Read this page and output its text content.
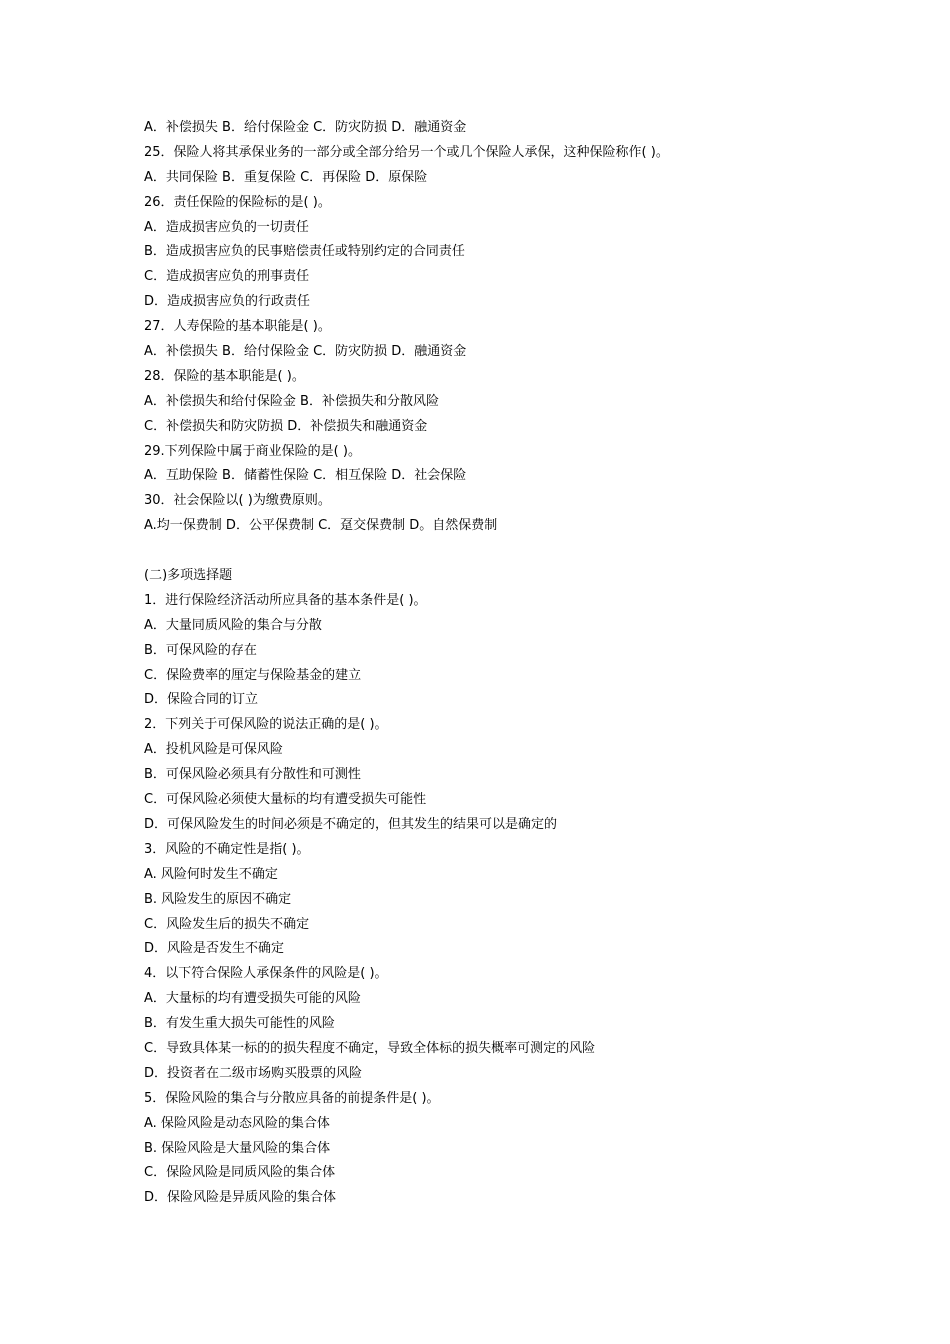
A．补偿损失 B．给付保险金 C．防灾防损 D．融通资金
25．保险人将其承保业务的一部分或全部分给另一个或几个保险人承保，这种保险称作( )。
A．共同保险 B．重复保险 C．再保险 D．原保险
26．责任保险的保险标的是( )。
A．造成损害应负的一切责任
B．造成损害应负的民事赔偿责任或特别约定的合同责任
C．造成损害应负的刑事责任
D．造成损害应负的行政责任
27．人寿保险的基本职能是( )。
A．补偿损失 B．给付保险金 C．防灾防损 D．融通资金
28．保险的基本职能是( )。
A．补偿损失和给付保险金 B．补偿损失和分散风险
C．补偿损失和防灾防损 D．补偿损失和融通资金
29.下列保险中属于商业保险的是( )。
A．互助保险 B．储蓄性保险 C．相互保险 D．社会保险
30．社会保险以( )为缴费原则。
A.均一保费制 D．公平保费制 C．趸交保费制 D。自然保费制
(二)多项选择题
1．进行保险经济活动所应具备的基本条件是( )。
A．大量同质风险的集合与分散
B．可保风险的存在
C．保险费率的厘定与保险基金的建立
D．保险合同的订立
2．下列关于可保风险的说法正确的是( )。
A．投机风险是可保风险
B．可保风险必须具有分散性和可测性
C．可保风险必须使大量标的均有遭受损失可能性
D．可保风险发生的时间必须是不确定的，但其发生的结果可以是确定的
3．风险的不确定性是指( )。
A. 风险何时发生不确定
B. 风险发生的原因不确定
C．风险发生后的损失不确定
D．风险是否发生不确定
4．以下符合保险人承保条件的风险是( )。
A．大量标的均有遭受损失可能的风险
B．有发生重大损失可能性的风险
C．导致具体某一标的的损失程度不确定，导致全体标的损失概率可测定的风险
D．投资者在二级市场购买股票的风险
5．保险风险的集合与分散应具备的前提条件是( )。
A. 保险风险是动态风险的集合体
B. 保险风险是大量风险的集合体
C．保险风险是同质风险的集合体
D．保险风险是异质风险的集合体
